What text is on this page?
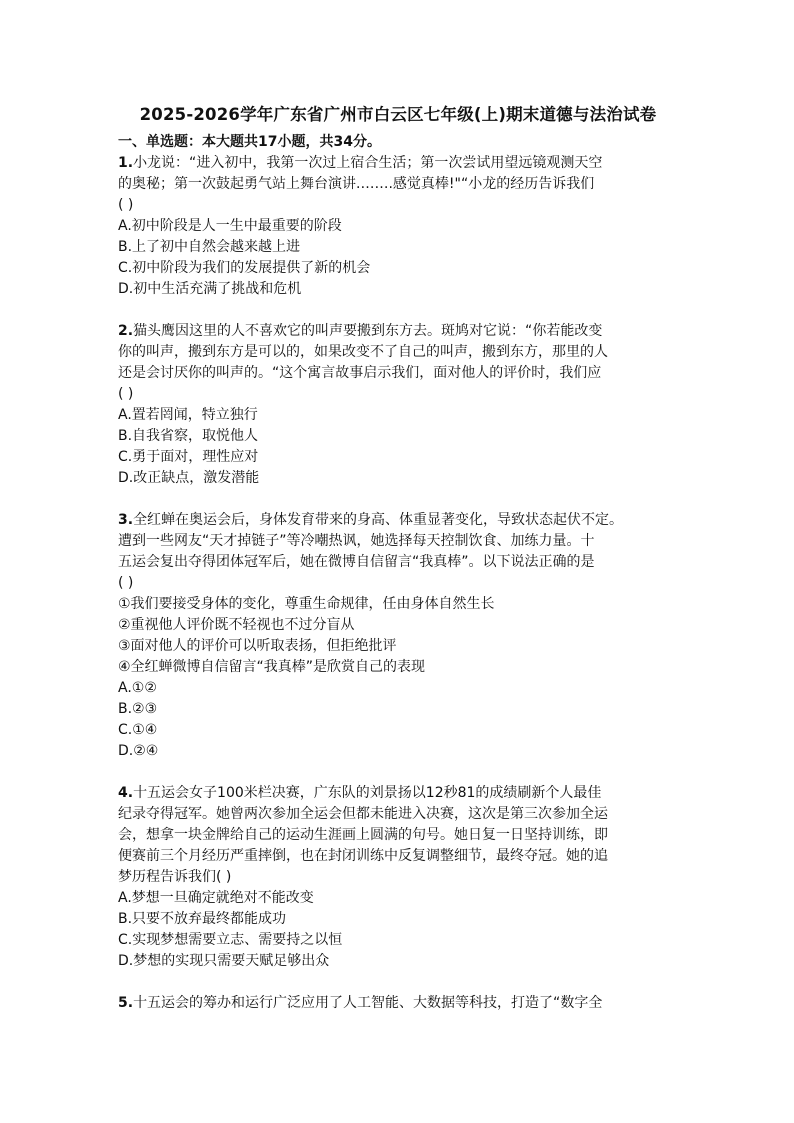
2025-2026学年广东省广州市白云区七年级(上)期末道德与法治试卷
一、单选题：本大题共17小题，共34分。
1.小龙说：“进入初中，我第一次过上宿合生活；第一次尝试用望远镜观测天空
的奥秘；第一次鼓起勇气站上舞台演讲.…….感觉真棒!"“小龙的经历告诉我们
( )
A.初中阶段是人一生中最重要的阶段
B.上了初中自然会越来越上进
C.初中阶段为我们的发展提供了新的机会
D.初中生活充满了挑战和危机
2.猫头鹰因这里的人不喜欢它的叫声要搬到东方去。斑鸠对它说：“你若能改变
你的叫声，搬到东方是可以的，如果改变不了自己的叫声，搬到东方，那里的人
还是会讨厌你的叫声的。“这个寓言故事启示我们，面对他人的评价时，我们应
( )
A.置若罔闻，特立独行
B.自我省察，取悦他人
C.勇于面对，理性应对
D.改正缺点，激发潜能
3.全红蝉在奥运会后，身体发育带来的身高、体重显著变化，导致状态起伏不定。
遭到一些网友“天才掉链子”等冷嘲热讽，她选择每天控制饮食、加练力量。十
五运会复出夺得团体冠军后，她在微博自信留言“我真棒”。以下说法正确的是
( )
①我们要接受身体的变化，尊重生命规律，任由身体自然生长
②重视他人评价既不轻视也不过分盲从
③面对他人的评价可以听取表扬，但拒绝批评
④全红蝉微博自信留言“我真棒”是欣赏自己的表现
A.①②
B.②③
C.①④
D.②④
4.十五运会女子100米栏决赛，广东队的刘景扬以12秒81的成绩刷新个人最佳
纪录夺得冠军。她曾两次参加全运会但都未能进入决赛，这次是第三次参加全运
会，想拿一块金牌给自己的运动生涯画上圆满的句号。她日复一日坚持训练，即
便赛前三个月经历严重摔倒，也在封闭训练中反复调整细节，最终夺冠。她的追
梦历程告诉我们( )
A.梦想一旦确定就绝对不能改变
B.只要不放弃最终都能成功
C.实现梦想需要立志、需要持之以恒
D.梦想的实现只需要天赋足够出众
5.十五运会的筹办和运行广泛应用了人工智能、大数据等科技，打造了“数字全
